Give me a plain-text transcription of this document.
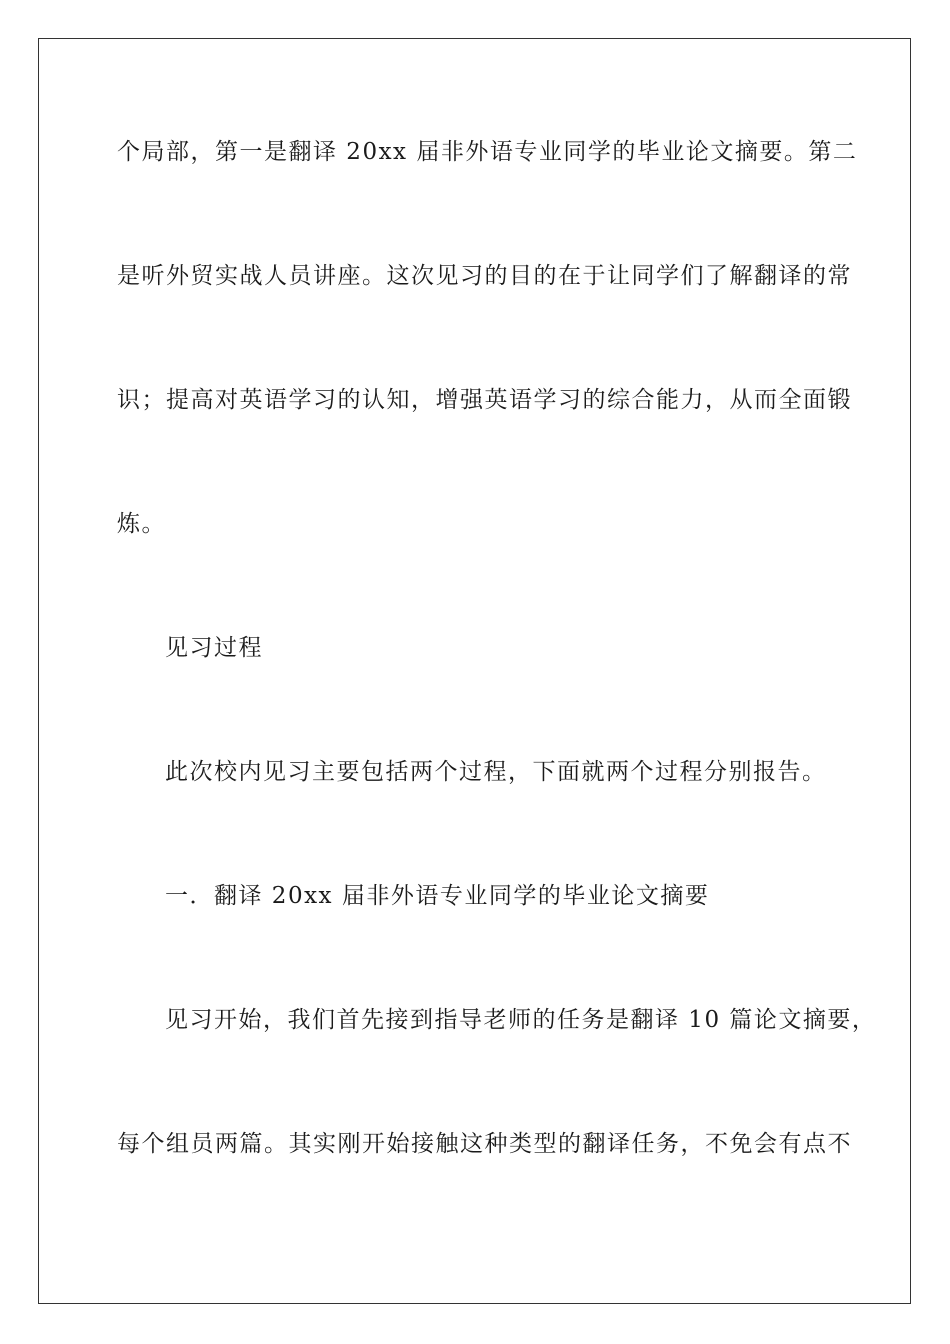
个局部，第一是翻译 20xx 届非外语专业同学的毕业论文摘要。第二
是听外贸实战人员讲座。这次见习的目的在于让同学们了解翻译的常
识；提高对英语学习的认知，增强英语学习的综合能力，从而全面锻
炼。
见习过程
此次校内见习主要包括两个过程，下面就两个过程分别报告。
一．翻译 20xx 届非外语专业同学的毕业论文摘要
见习开始，我们首先接到指导老师的任务是翻译 10 篇论文摘要，
每个组员两篇。其实刚开始接触这种类型的翻译任务，不免会有点不
